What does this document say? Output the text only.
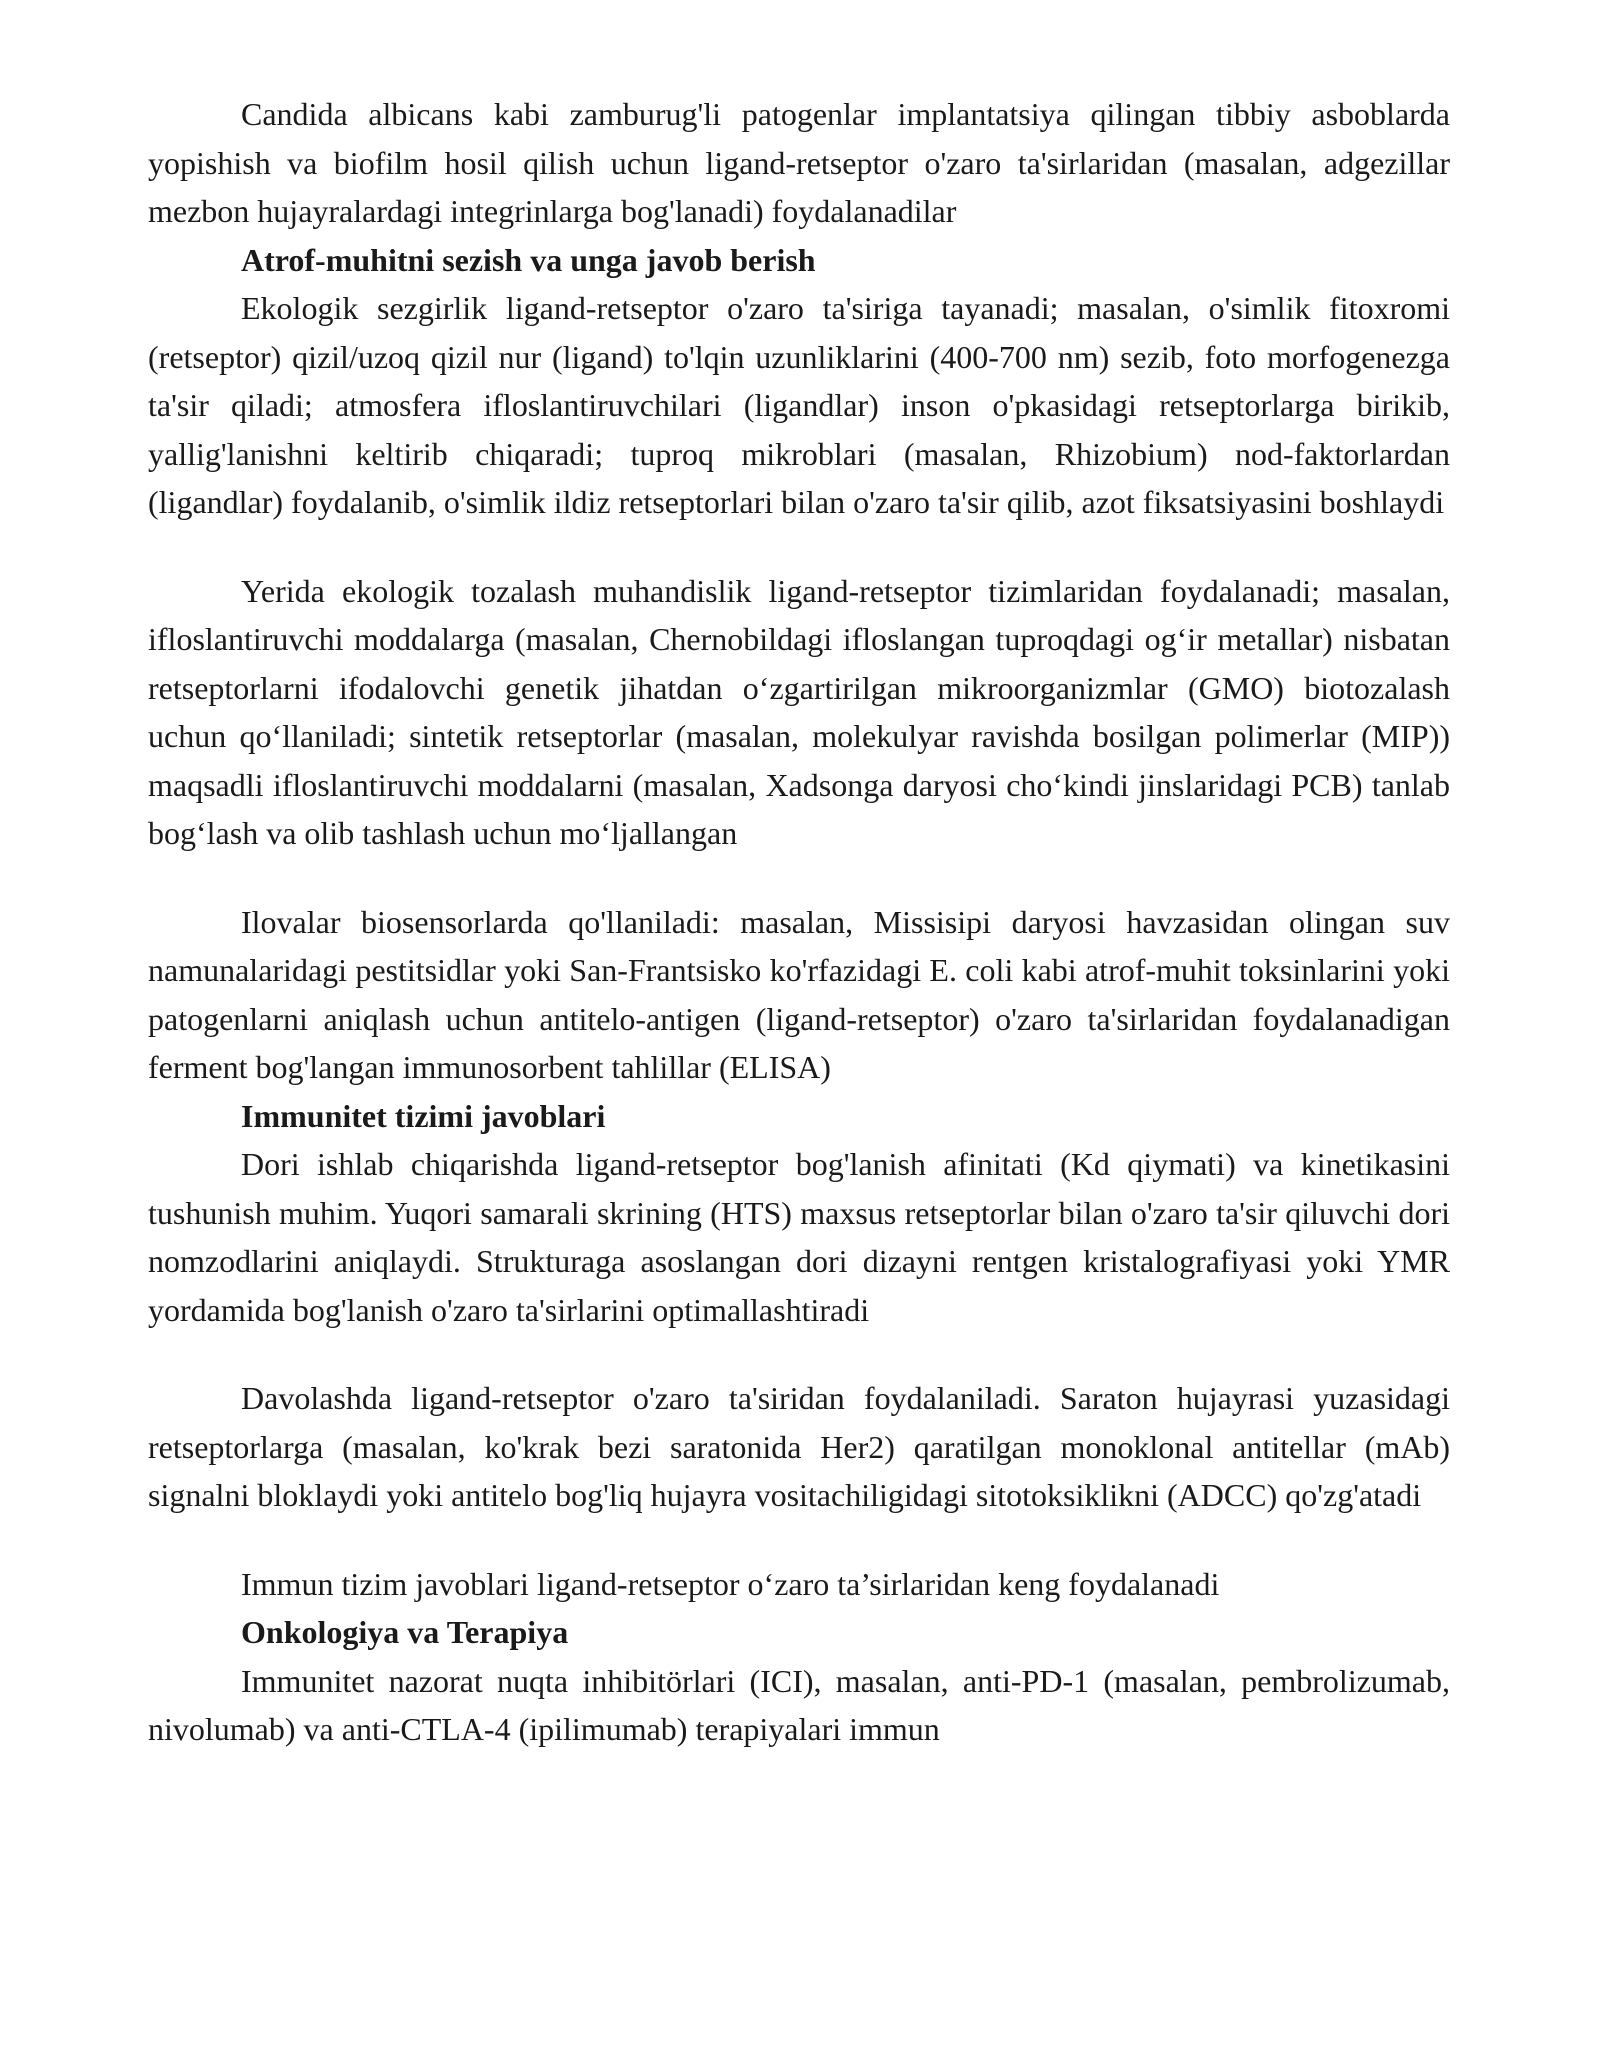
Candida albicans kabi zamburug'li patogenlar implantatsiya qilingan tibbiy asboblarda yopishish va biofilm hosil qilish uchun ligand-retseptor o'zaro ta'sirlaridan (masalan, adgezillar mezbon hujayralardagi integrinlarga bog'lanadi) foydalanadilar

Atrof-muhitni sezish va unga javob berish

Ekologik sezgirlik ligand-retseptor o'zaro ta'siriga tayanadi; masalan, o'simlik fitoxromi (retseptor) qizil/uzoq qizil nur (ligand) to'lqin uzunliklarini (400-700 nm) sezib, foto morfogenezga ta'sir qiladi; atmosfera ifloslantiruvchilari (ligandlar) inson o'pkasidagi retseptorlarga birikib, yallig'lanishni keltirib chiqaradi; tuproq mikroblari (masalan, Rhizobium) nod-faktorlardan (ligandlar) foydalanib, o'simlik ildiz retseptorlari bilan o'zaro ta'sir qilib, azot fiksatsiyasini boshlaydi

Yerida ekologik tozalash muhandislik ligand-retseptor tizimlaridan foydalanadi; masalan, ifloslantiruvchi moddalarga (masalan, Chernobildagi ifloslangan tuproqdagi og‘ir metallar) nisbatan retseptorlarni ifodalovchi genetik jihatdan o‘zgartirilgan mikroorganizmlar (GMO) biotozalash uchun qo‘llaniladi; sintetik retseptorlar (masalan, molekulyar ravishda bosilgan polimerlar (MIP)) maqsadli ifloslantiruvchi moddalarni (masalan, Xadsonga daryosi cho‘kindi jinslaridagi PCB) tanlab bog‘lash va olib tashlash uchun mo‘ljallangan

Ilovalar biosensorlarda qo'llaniladi: masalan, Missisipi daryosi havzasidan olingan suv namunalaridagi pestitsidlar yoki San-Frantsisko ko'rfazidagi E. coli kabi atrof-muhit toksinlarini yoki patogenlarni aniqlash uchun antitelo-antigen (ligand-retseptor) o'zaro ta'sirlaridan foydalanadigan ferment bog'langan immunosorbent tahlillar (ELISA)

Immunitet tizimi javoblari

Dori ishlab chiqarishda ligand-retseptor bog'lanish afinitati (Kd qiymati) va kinetikasini tushunish muhim. Yuqori samarali skrining (HTS) maxsus retseptorlar bilan o'zaro ta'sir qiluvchi dori nomzodlarini aniqlaydi. Strukturaga asoslangan dori dizayni rentgen kristalografiyasi yoki YMR yordamida bog'lanish o'zaro ta'sirlarini optimallashtiradi

Davolashda ligand-retseptor o'zaro ta'siridan foydalaniladi. Saraton hujayrasi yuzasidagi retseptorlarga (masalan, ko'krak bezi saratonida Her2) qaratilgan monoklonal antitellar (mAb) signalni bloklaydi yoki antitelo bog'liq hujayra vositachiligidagi sitotoksiklikni (ADCC) qo'zg'atadi

Immun tizim javoblari ligand-retseptor o‘zaro ta’sirlaridan keng foydalanadi

Onkologiya va Terapiya

Immunitet nazorat nuqta inhibitörlari (ICI), masalan, anti-PD-1 (masalan, pembrolizumab, nivolumab) va anti-CTLA-4 (ipilimumab) terapiyalari immun
